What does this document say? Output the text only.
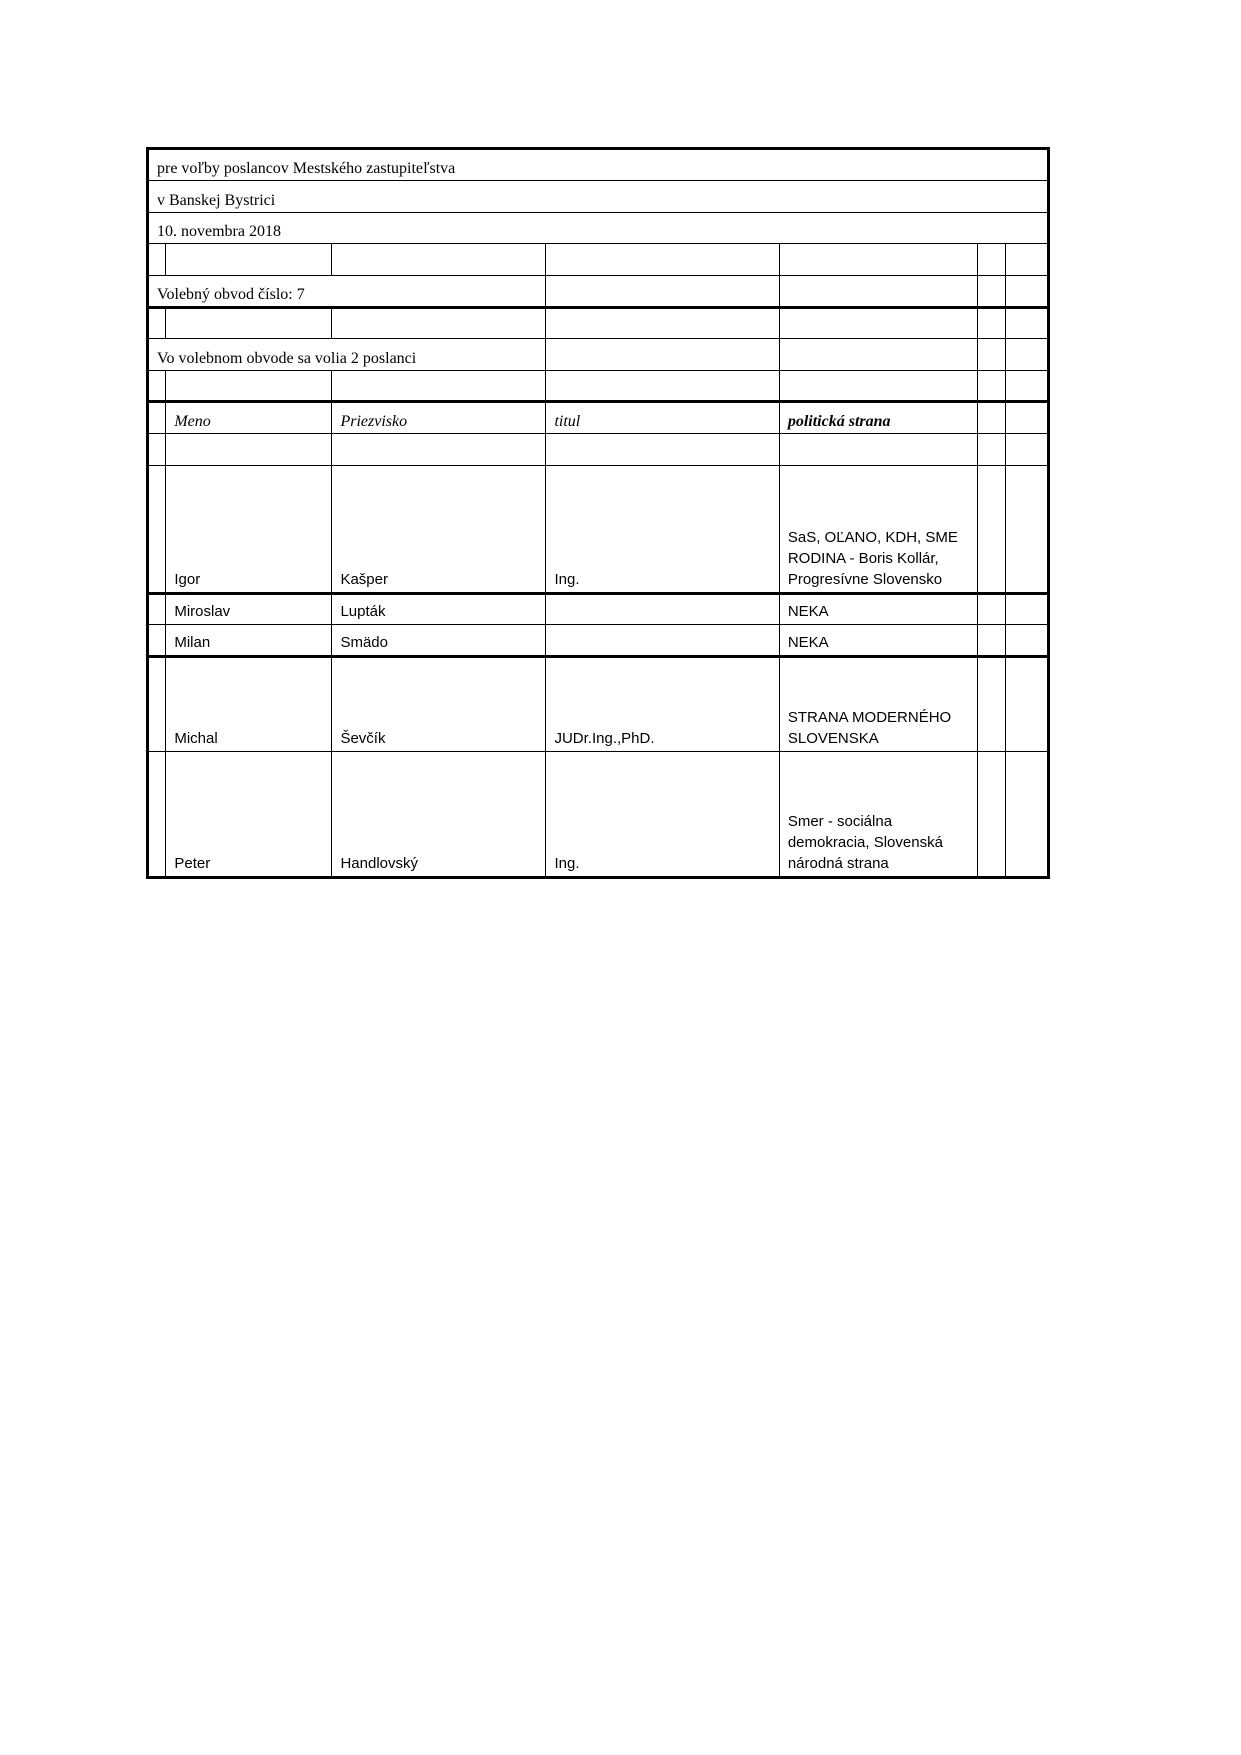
pre voľby poslancov Mestského zastupiteľstva						
v Banskej Bystrici						
10. novembra 2018						

Volebný obvod číslo: 7						

Vo volebnom obvode sa volia 2 poslanci						

	Meno	Priezvisko	titul	politická strana		

	Igor	Kašper	Ing.	SaS, OĽANO, KDH, SME RODINA - Boris Kollár, Progresívne Slovensko		
	Miroslav	Lupták		NEKA		
	Milan	Smädo		NEKA		
	Michal	Ševčík	JUDr.Ing.,PhD.	STRANA MODERNÉHO SLOVENSKA		
	Peter	Handlovský	Ing.	Smer - sociálna demokracia, Slovenská národná strana		
